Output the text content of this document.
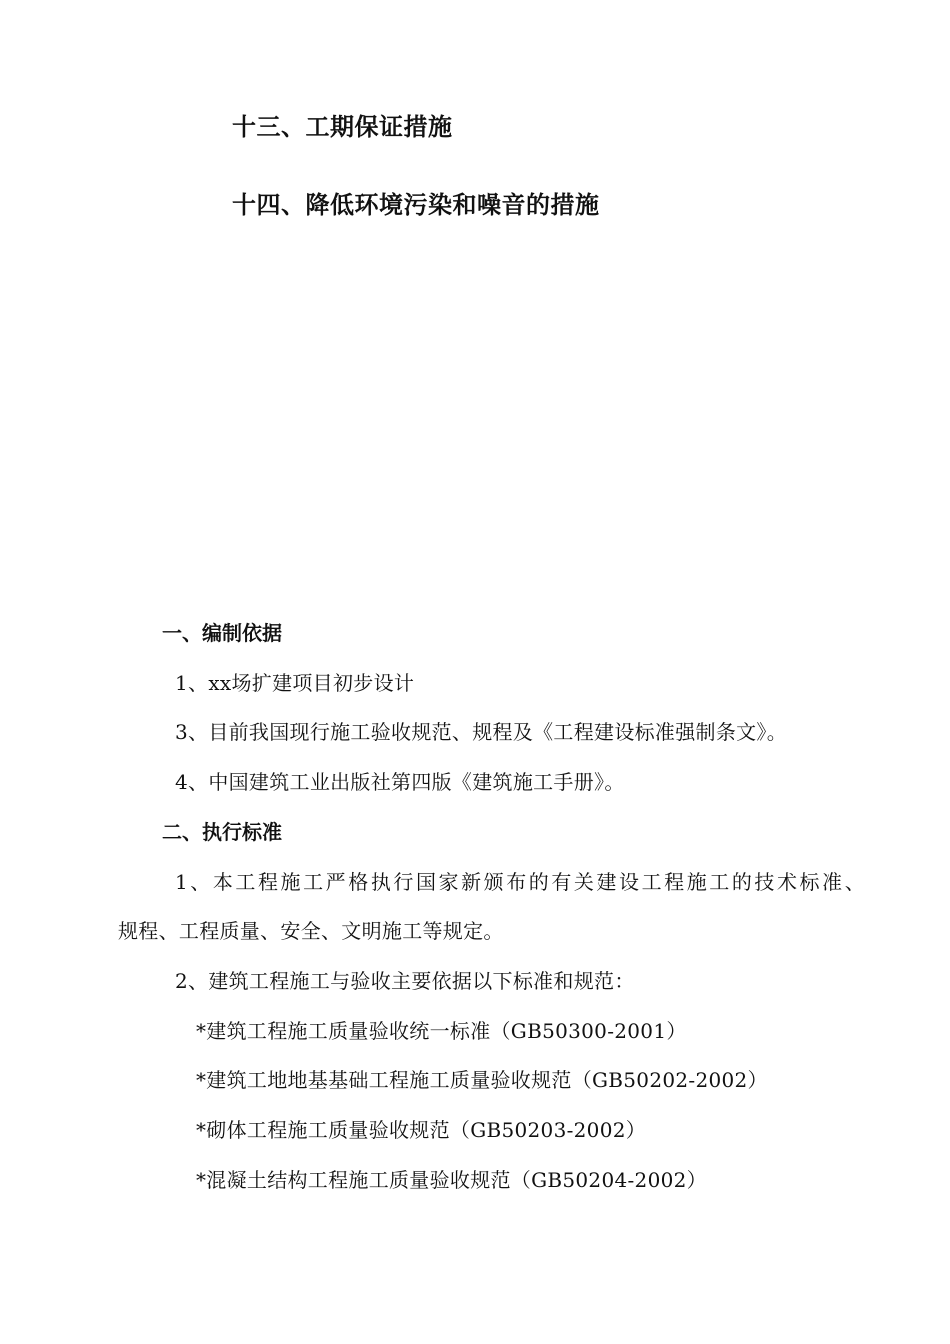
十三、工期保证措施
十四、降低环境污染和噪音的措施
一、编制依据
1、xx场扩建项目初步设计
3、目前我国现行施工验收规范、规程及《工程建设标准强制条文》。
4、中国建筑工业出版社第四版《建筑施工手册》。
二、执行标准
1、本工程施工严格执行国家新颁布的有关建设工程施工的技术标准、
规程、工程质量、安全、文明施工等规定。
2、建筑工程施工与验收主要依据以下标准和规范：
*建筑工程施工质量验收统一标准（GB50300-2001）
*建筑工地地基基础工程施工质量验收规范（GB50202-2002）
*砌体工程施工质量验收规范（GB50203-2002）
*混凝土结构工程施工质量验收规范（GB50204-2002）
